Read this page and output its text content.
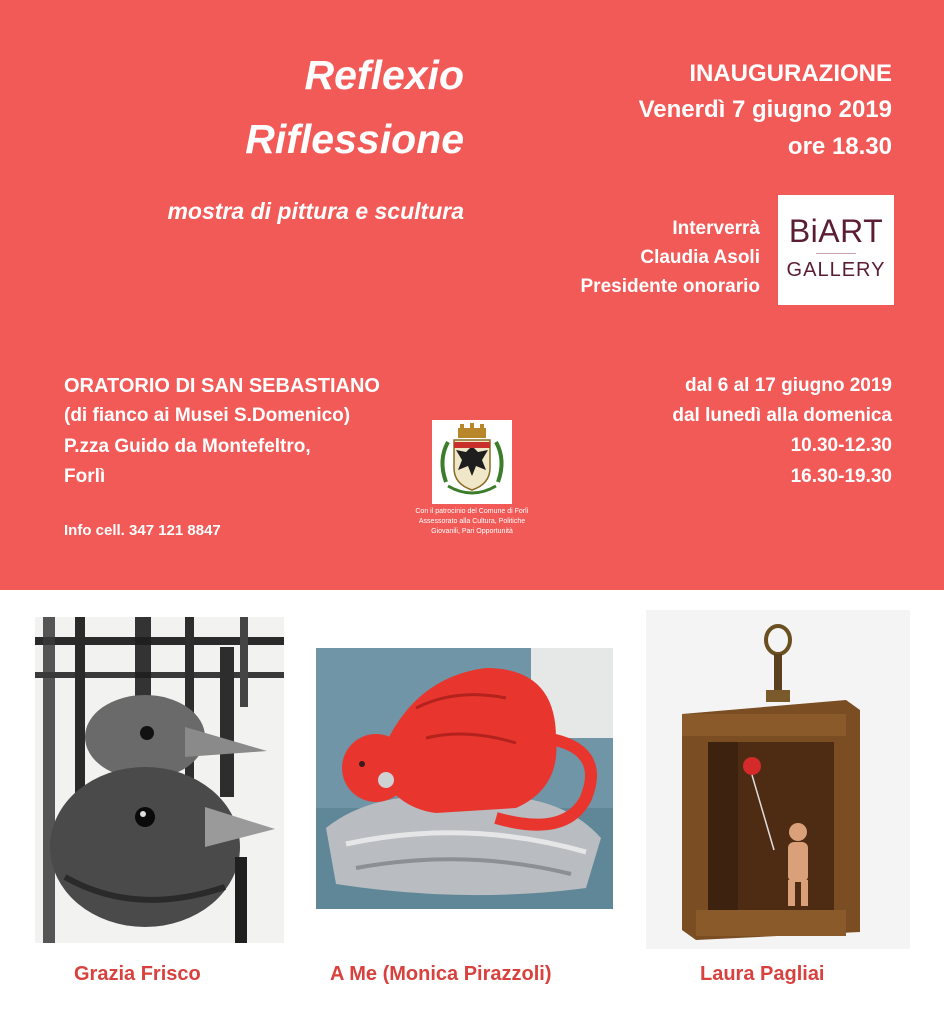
Reflexio

Riflessione

mostra di pittura e scultura

INAUGURAZIONE

Venerdì 7 giugno 2019

ore 18.30

Interverrà

Claudia Asoli

Presidente onorario

BiART
GALLERY

ORATORIO DI SAN SEBASTIANO

(di fianco ai Musei S.Domenico)

P.zza Guido da Montefeltro,

Forlì

Info cell. 347 121 8847

dal 6 al 17 giugno 2019

dal lunedì alla domenica

10.30-12.30

16.30-19.30

Con il patrocinio del Comune di Forlì
Assessorato alla Cultura, Politiche
Giovanili, Pari Opportunità
Grazia Frisco	A Me (Monica Pirazzoli)	Laura Pagliai
